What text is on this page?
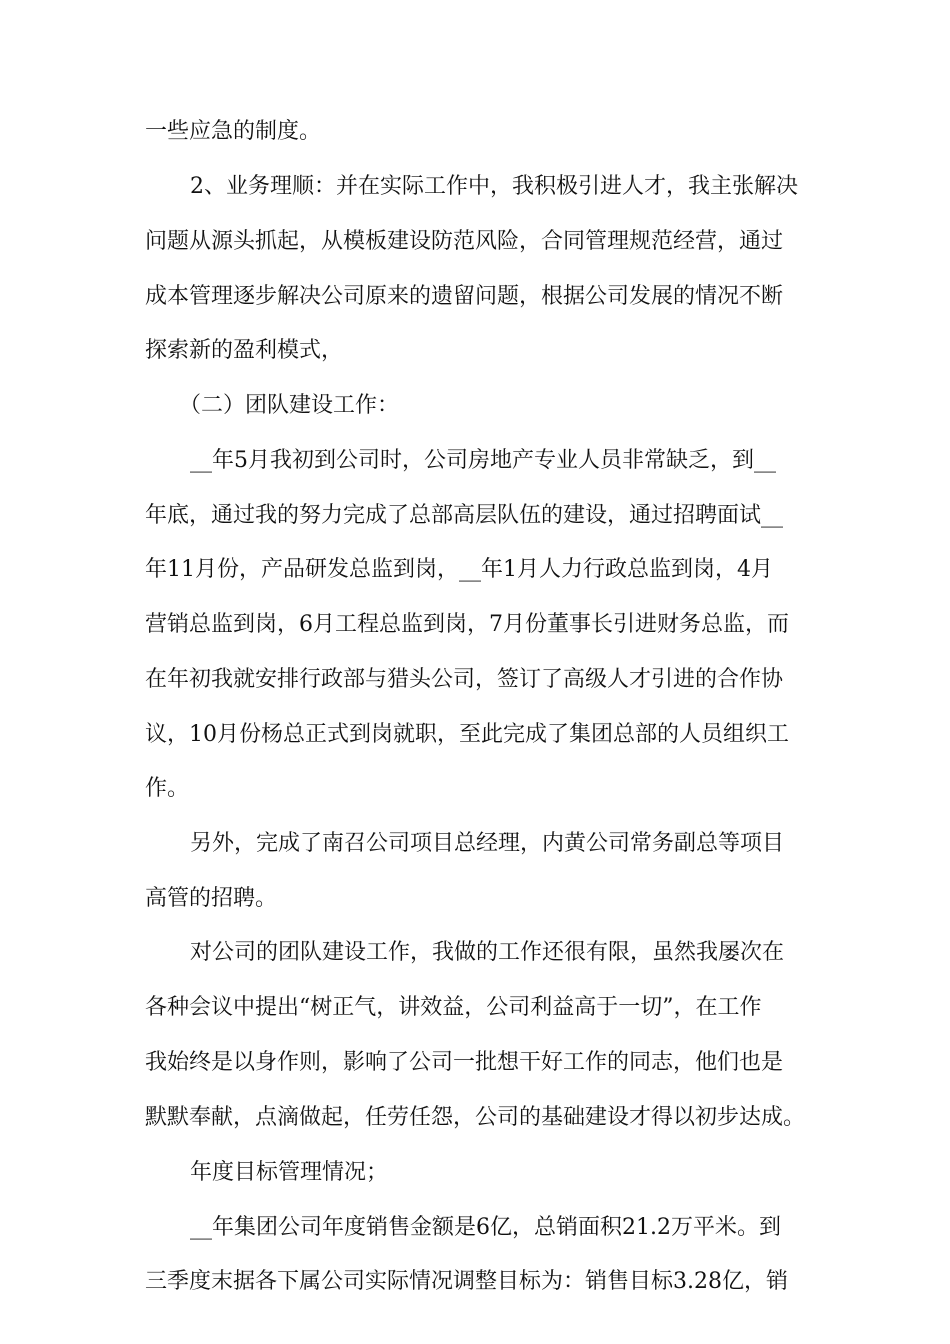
一些应急的制度。
2、业务理顺：并在实际工作中，我积极引进人才，我主张解决
问题从源头抓起，从模板建设防范风险，合同管理规范经营，通过
成本管理逐步解决公司原来的遗留问题，根据公司发展的情况不断
探索新的盈利模式，
（二）团队建设工作：
__年5月我初到公司时，公司房地产专业人员非常缺乏，到__
年底，通过我的努力完成了总部高层队伍的建设，通过招聘面试__
年11月份，产品研发总监到岗，__年1月人力行政总监到岗，4月
营销总监到岗，6月工程总监到岗，7月份董事长引进财务总监，而
在年初我就安排行政部与猎头公司，签订了高级人才引进的合作协
议，10月份杨总正式到岗就职，至此完成了集团总部的人员组织工
作。
另外，完成了南召公司项目总经理，内黄公司常务副总等项目
高管的招聘。
对公司的团队建设工作，我做的工作还很有限，虽然我屡次在
各种会议中提出“树正气，讲效益，公司利益高于一切”，在工作
我始终是以身作则，影响了公司一批想干好工作的同志，他们也是
默默奉献，点滴做起，任劳任怨，公司的基础建设才得以初步达成。
年度目标管理情况；
__年集团公司年度销售金额是6亿，总销面积21.2万平米。到
三季度末据各下属公司实际情况调整目标为：销售目标3.28亿，销
